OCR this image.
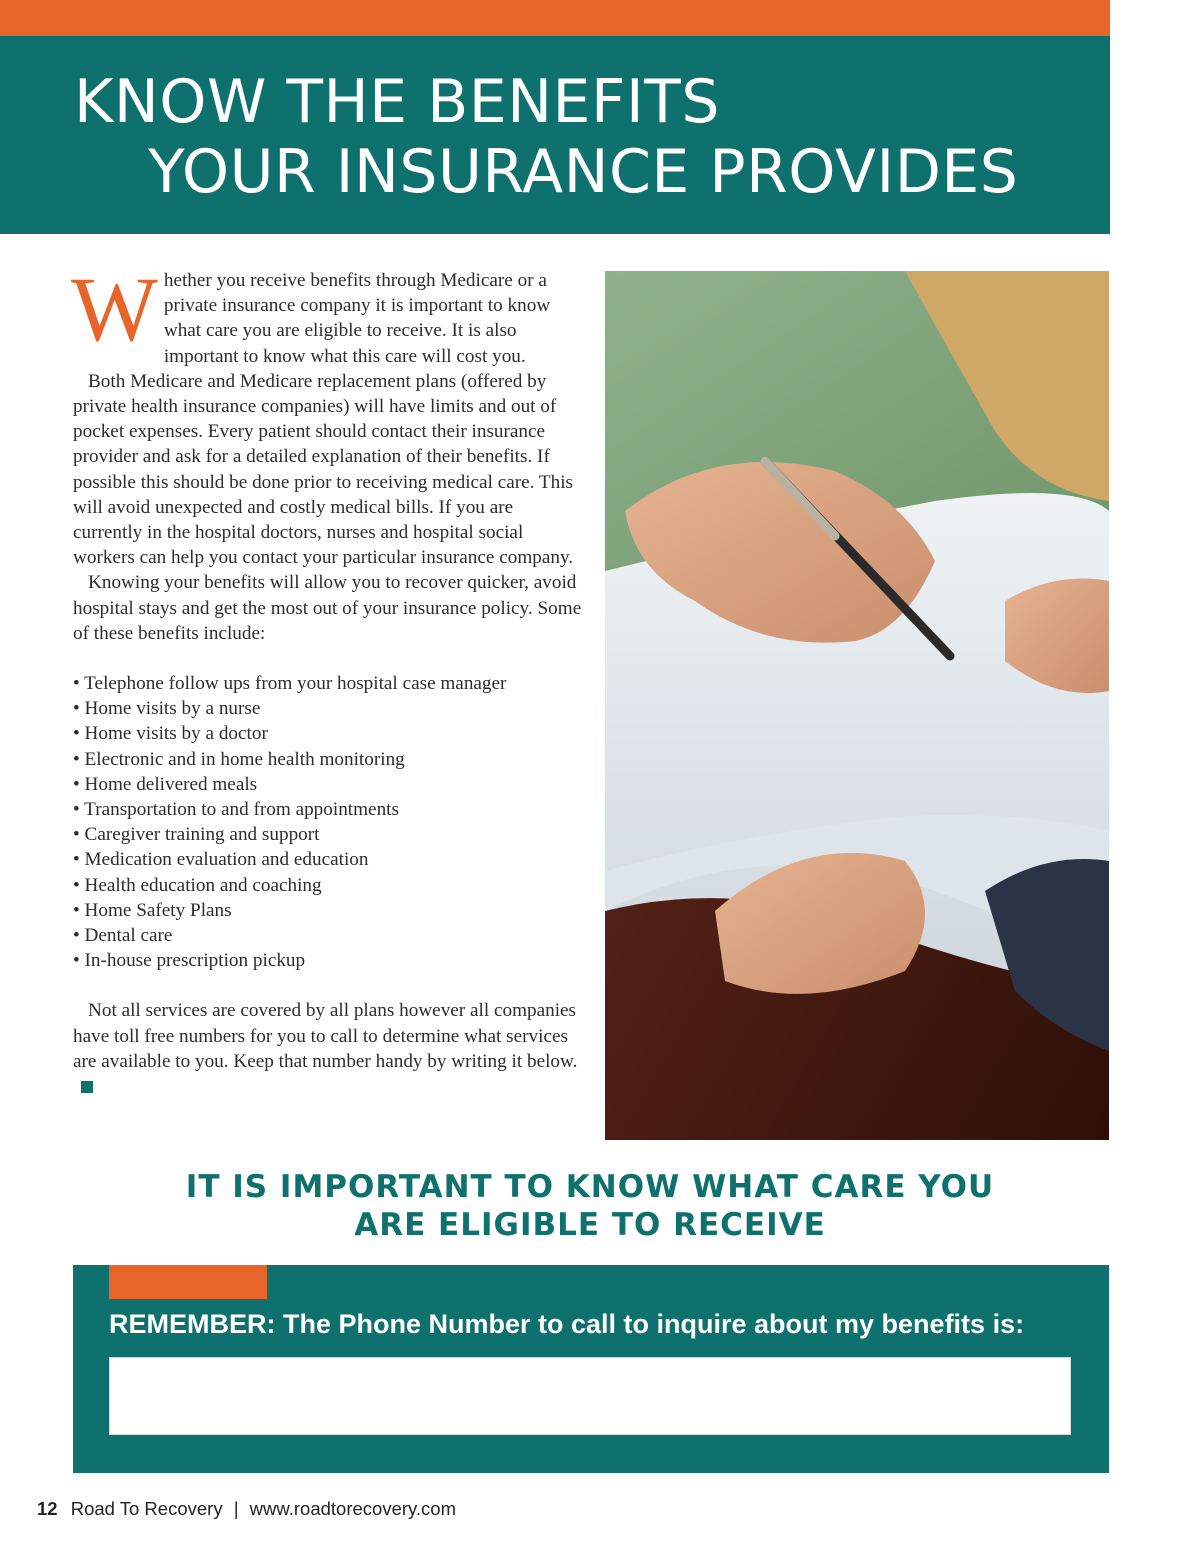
KNOW THE BENEFITS
YOUR INSURANCE PROVIDES

Whether you receive benefits through Medicare or a private insurance company it is important to know what care you are eligible to receive. It is also important to know what this care will cost you.

Both Medicare and Medicare replacement plans (offered by private health insurance companies) will have limits and out of pocket expenses. Every patient should contact their insurance provider and ask for a detailed explanation of their benefits. If possible this should be done prior to receiving medical care. This will avoid unexpected and costly medical bills. If you are currently in the hospital doctors, nurses and hospital social workers can help you contact your particular insurance company.

Knowing your benefits will allow you to recover quicker, avoid hospital stays and get the most out of your insurance policy. Some of these benefits include:

• Telephone follow ups from your hospital case manager
• Home visits by a nurse
• Home visits by a doctor
• Electronic and in home health monitoring
• Home delivered meals
• Transportation to and from appointments
• Caregiver training and support
• Medication evaluation and education
• Health education and coaching
• Home Safety Plans
• Dental care
• In-house prescription pickup

Not all services are covered by all plans however all companies have toll free numbers for you to call to determine what services are available to you. Keep that number handy by writing it below.

IT IS IMPORTANT TO KNOW WHAT CARE YOU
ARE ELIGIBLE TO RECEIVE
REMEMBER: The Phone Number to call to inquire about my benefits is:
12 Road To Recovery | www.roadtorecovery.com
